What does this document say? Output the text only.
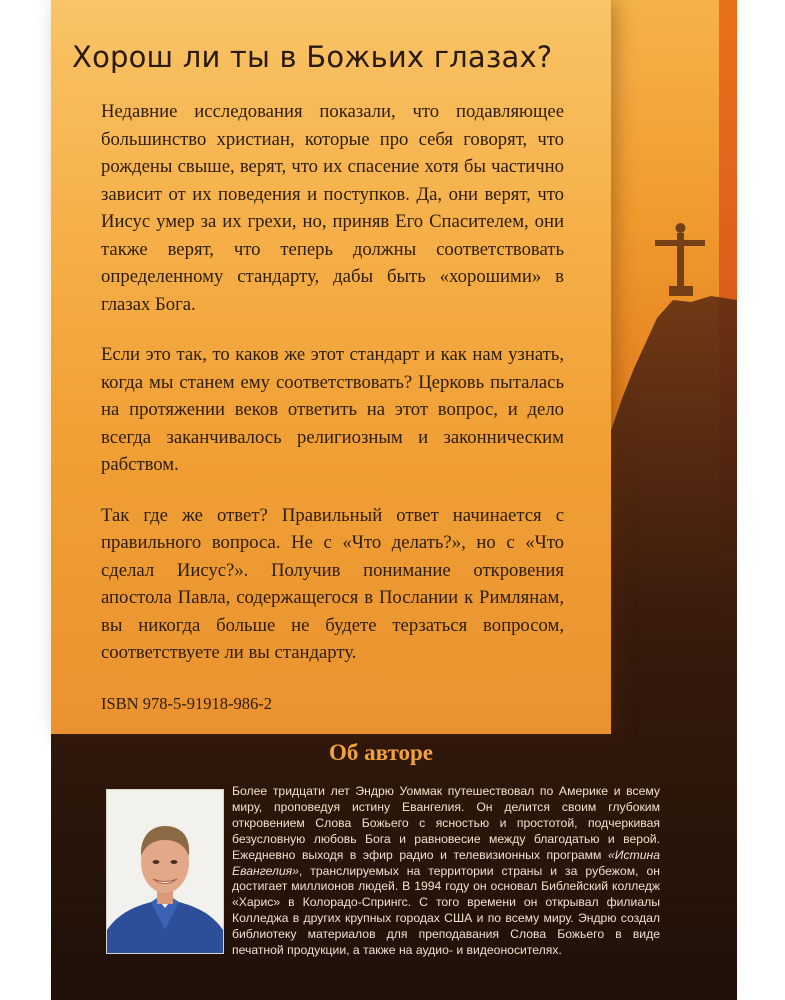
Хорош ли ты в Божьих глазах?

Недавние исследования показали, что подавляющее большинство христиан, которые про себя говорят, что рождены свыше, верят, что их спасение хотя бы частично зависит от их поведения и поступков. Да, они верят, что Иисус умер за их грехи, но, приняв Его Спасителем, они также верят, что теперь должны соответствовать определенному стандарту, дабы быть «хорошими» в глазах Бога.

Если это так, то каков же этот стандарт и как нам узнать, когда мы станем ему соответствовать? Церковь пыталась на протяжении веков ответить на этот вопрос, и дело всегда заканчивалось религиозным и законническим рабством.

Так где же ответ? Правильный ответ начинается с правильного вопроса. Не с «Что делать?», но с «Что сделал Иисус?». Получив понимание откровения апостола Павла, содержащегося в Послании к Римлянам, вы никогда больше не будете терзаться вопросом, соответствуете ли вы стандарту.

ISBN 978-5-91918-986-2
Об авторе
Более тридцати лет Эндрю Уоммак путешествовал по Америке и всему миру, проповедуя истину Евангелия. Он делится своим глубоким откровением Слова Божьего с ясностью и простотой, подчеркивая безусловную любовь Бога и равновесие между благодатью и верой. Ежедневно выходя в эфир радио и телевизионных программ «Истина Евангелия», транслируемых на территории страны и за рубежом, он достигает миллионов людей. В 1994 году он основал Библейский колледж «Харис» в Колорадо-Спрингс. С того времени он открывал филиалы Колледжа в других крупных городах США и по всему миру. Эндрю создал библиотеку материалов для преподавания Слова Божьего в виде печатной продукции, а также на аудио- и видеоносителях.
